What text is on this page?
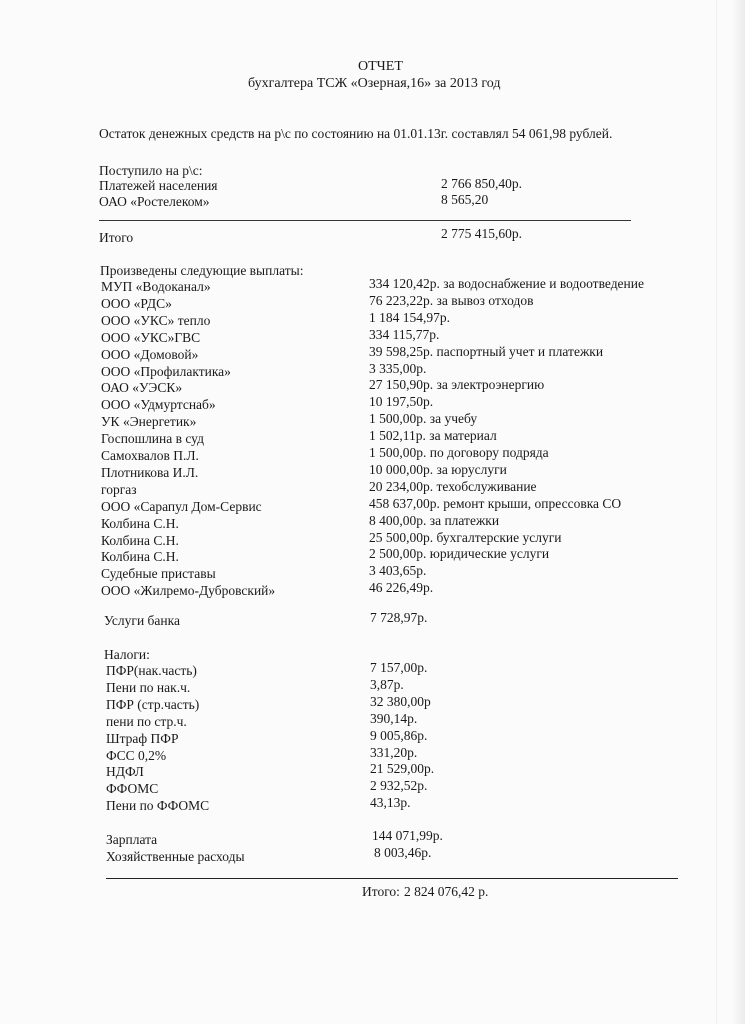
ОТЧЕТ
бухгалтера ТСЖ «Озерная,16» за 2013 год
Остаток денежных средств на р\с по состоянию на 01.01.13г. составлял 54 061,98 рублей.
Поступило на р\с:
Платежей населения	2 766 850,40р.
ОАО «Ростелеком»	8 565,20
Итого	2 775 415,60р.
Произведены следующие выплаты:
МУП «Водоканал»	334 120,42р. за водоснабжение и водоотведение
ООО «РДС»	76 223,22р. за вывоз отходов
ООО «УКС» тепло	1 184 154,97р.
ООО «УКС»ГВС	334 115,77р.
ООО «Домовой»	39 598,25р. паспортный учет и платежки
ООО «Профилактика»	3 335,00р.
ОАО «УЭСК»	27 150,90р. за электроэнергию
ООО «Удмуртснаб»	10 197,50р.
УК «Энергетик»	1 500,00р. за учебу
Госпошлина в суд	1 502,11р. за материал
Самохвалов П.Л.	1 500,00р. по договору подряда
Плотникова И.Л.	10 000,00р. за юруслуги
горгаз	20 234,00р. техобслуживание
ООО «Сарапул Дом-Сервис	458 637,00р. ремонт крыши, опрессовка СО
Колбина С.Н.	8 400,00р. за платежки
Колбина С.Н.	25 500,00р. бухгалтерские услуги
Колбина С.Н.	2 500,00р. юридические услуги
Судебные приставы	3 403,65р.
ООО «Жилремо-Дубровский»	46 226,49р.
Услуги банка	7 728,97р.
Налоги:
ПФР(нак.часть)	7 157,00р.
Пени по нак.ч.	3,87р.
ПФР (стр.часть)	32 380,00р
пени по стр.ч.	390,14р.
Штраф ПФР	9 005,86р.
ФСС 0,2%	331,20р.
НДФЛ	21 529,00р.
ФФОМС	2 932,52р.
Пени по ФФОМС	43,13р.
Зарплата	144 071,99р.
Хозяйственные расходы	8 003,46р.
Итого: 2 824 076,42 р.
